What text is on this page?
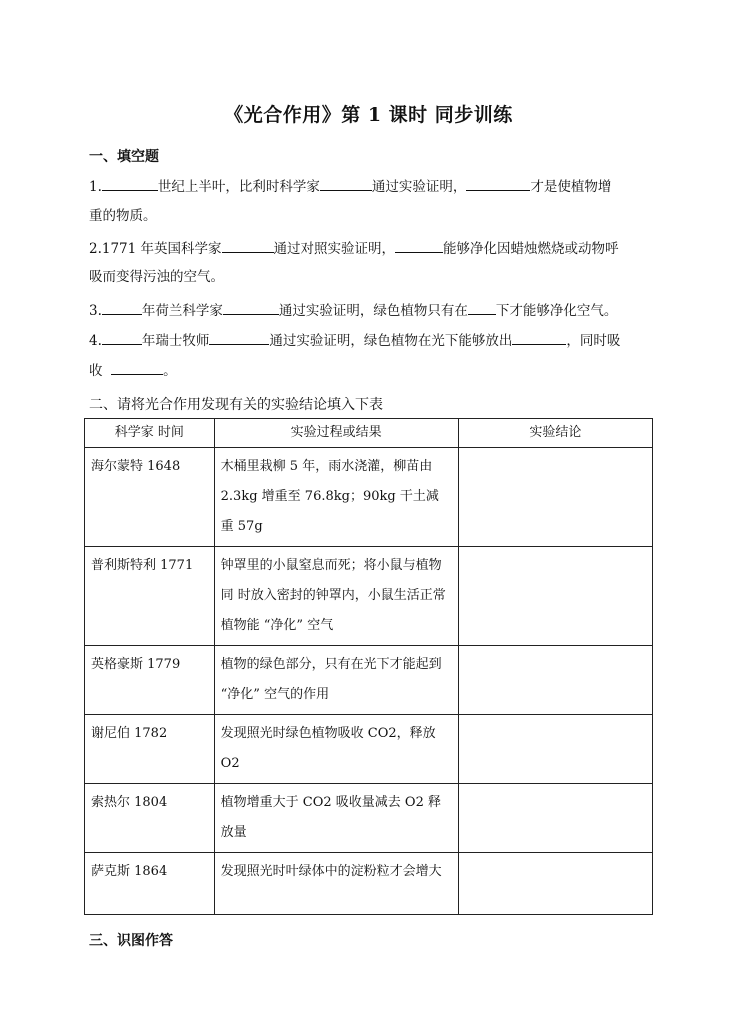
《光合作用》第 1 课时 同步训练
一、填空题
1.	世纪上半叶，比利时科学家	通过实验证明，	才是使植物增
重的物质。
2.1771 年英国科学家	通过对照实验证明，	能够净化因蜡烛燃烧或动物呼
吸而变得污浊的空气。
3.	年荷兰科学家	通过实验证明，绿色植物只有在 下才能够净化空气。
4.	年瑞士牧师	通过实验证明，绿色植物在光下能够放出	，同时吸
收	。
二、请将光合作用发现有关的实验结论填入下表
科学家 时间	实验过程或结果	实验结论
海尔蒙特 1648	木桶里栽柳 5 年，雨水浇灌，柳苗由 2.3kg 增重至 76.8kg；90kg 干土减重 57g	
普利斯特利 1771	钟罩里的小鼠窒息而死；将小鼠与植物同 时放入密封的钟罩内，小鼠生活正常 植物能 “净化” 空气	
英格豪斯 1779	植物的绿色部分，只有在光下才能起到 “净化” 空气的作用	
谢尼伯 1782	发现照光时绿色植物吸收 CO2，释放 O2	
索热尔 1804	植物增重大于 CO2 吸收量减去 O2 释放量	
萨克斯 1864	发现照光时叶绿体中的淀粉粒才会增大	
三、识图作答
